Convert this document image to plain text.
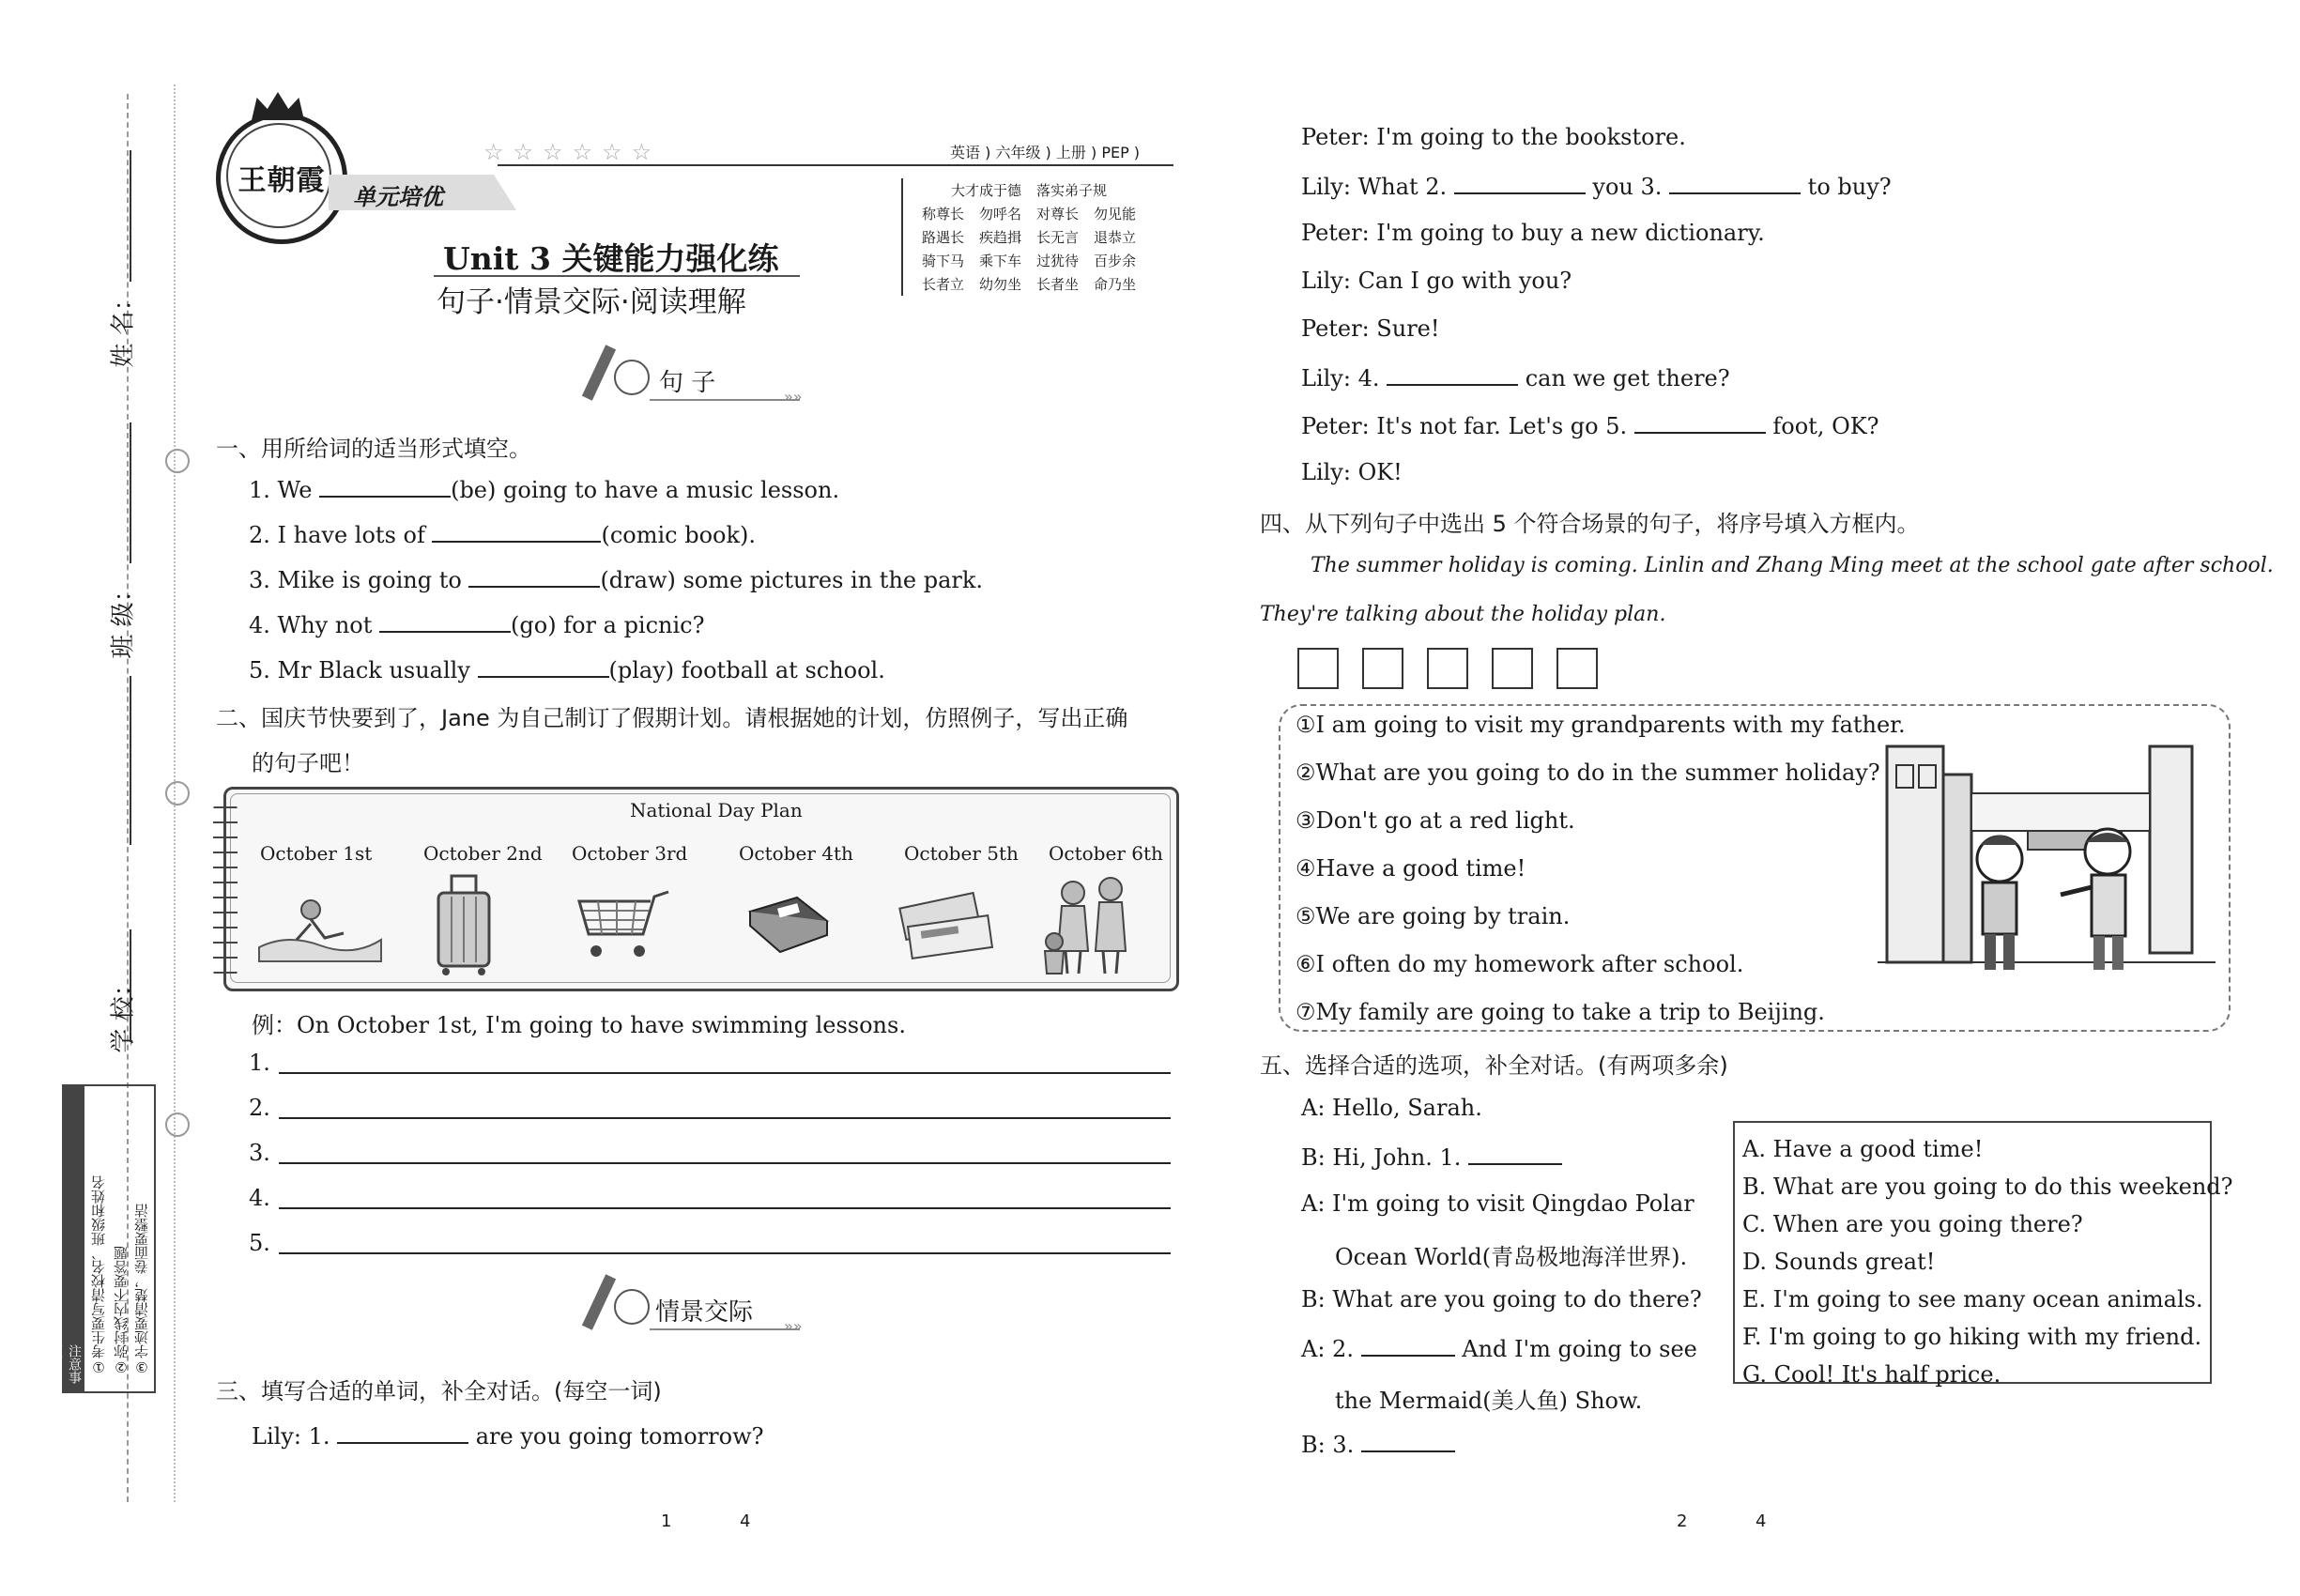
姓 名：
班 级：
学 校：
注意事项	①考生要写清校名、班级和姓名 ②弥封线内不要答题 ③字迹要清楚，卷面要整洁
王朝霞
☆☆☆☆☆☆
单元培优
英语 ) 六年级 ) 上册 ) PEP )
Unit 3 关键能力强化练
句子·情景交际·阅读理解
大才成于德		落实弟子规	
称尊长	勿呼名	对尊长	勿见能
路遇长	疾趋揖	长无言	退恭立
骑下马	乘下车	过犹待	百步余
长者立	幼勿坐	长者坐	命乃坐
句 子	»»
一、用所给词的适当形式填空。
1. We	(be) going to have a music lesson.
2. I have lots of	(comic book).
3. Mike is going to	(draw) some pictures in the park.
4. Why not	(go) for a picnic?
5. Mr Black usually	(play) football at school.
二、国庆节快要到了，Jane 为自己制订了假期计划。请根据她的计划，仿照例子，写出正确
的句子吧！
National Day Plan
October 1st	October 2nd October 3rd	October 4th	October 5th October 6th
例：On October 1st, I'm going to have swimming lessons.
1.
2.
3.
4.
5.
情景交际 »»
三、填写合适的单词，补全对话。(每空一词)
Lily: 1.	are you going tomorrow?
Peter: I'm going to the bookstore.
Lily: What 2.	you 3.	to buy?
Peter: I'm going to buy a new dictionary.
Lily: Can I go with you?
Peter: Sure!
Lily: 4.	can we get there?
Peter: It's not far. Let's go 5.	foot, OK?
Lily: OK!
四、从下列句子中选出 5 个符合场景的句子，将序号填入方框内。
The summer holiday is coming. Linlin and Zhang Ming meet at the school gate after school.
They're talking about the holiday plan.
①I am going to visit my grandparents with my father.
②What are you going to do in the summer holiday?
③Don't go at a red light.
④Have a good time!
⑤We are going by train.
⑥I often do my homework after school.
⑦My family are going to take a trip to Beijing.
五、选择合适的选项，补全对话。(有两项多余)
A: Hello, Sarah.
B: Hi, John. 1.
A: I'm going to visit Qingdao Polar
Ocean World(青岛极地海洋世界).
B: What are you going to do there?
A: 2.	And I'm going to see
the Mermaid(美人鱼) Show.
B: 3.
A. Have a good time!
B. What are you going to do this weekend?
C. When are you going there?
D. Sounds great!
E. I'm going to see many ocean animals.
F. I'm going to go hiking with my friend.
G. Cool! It's half price.
1	4	2	4
